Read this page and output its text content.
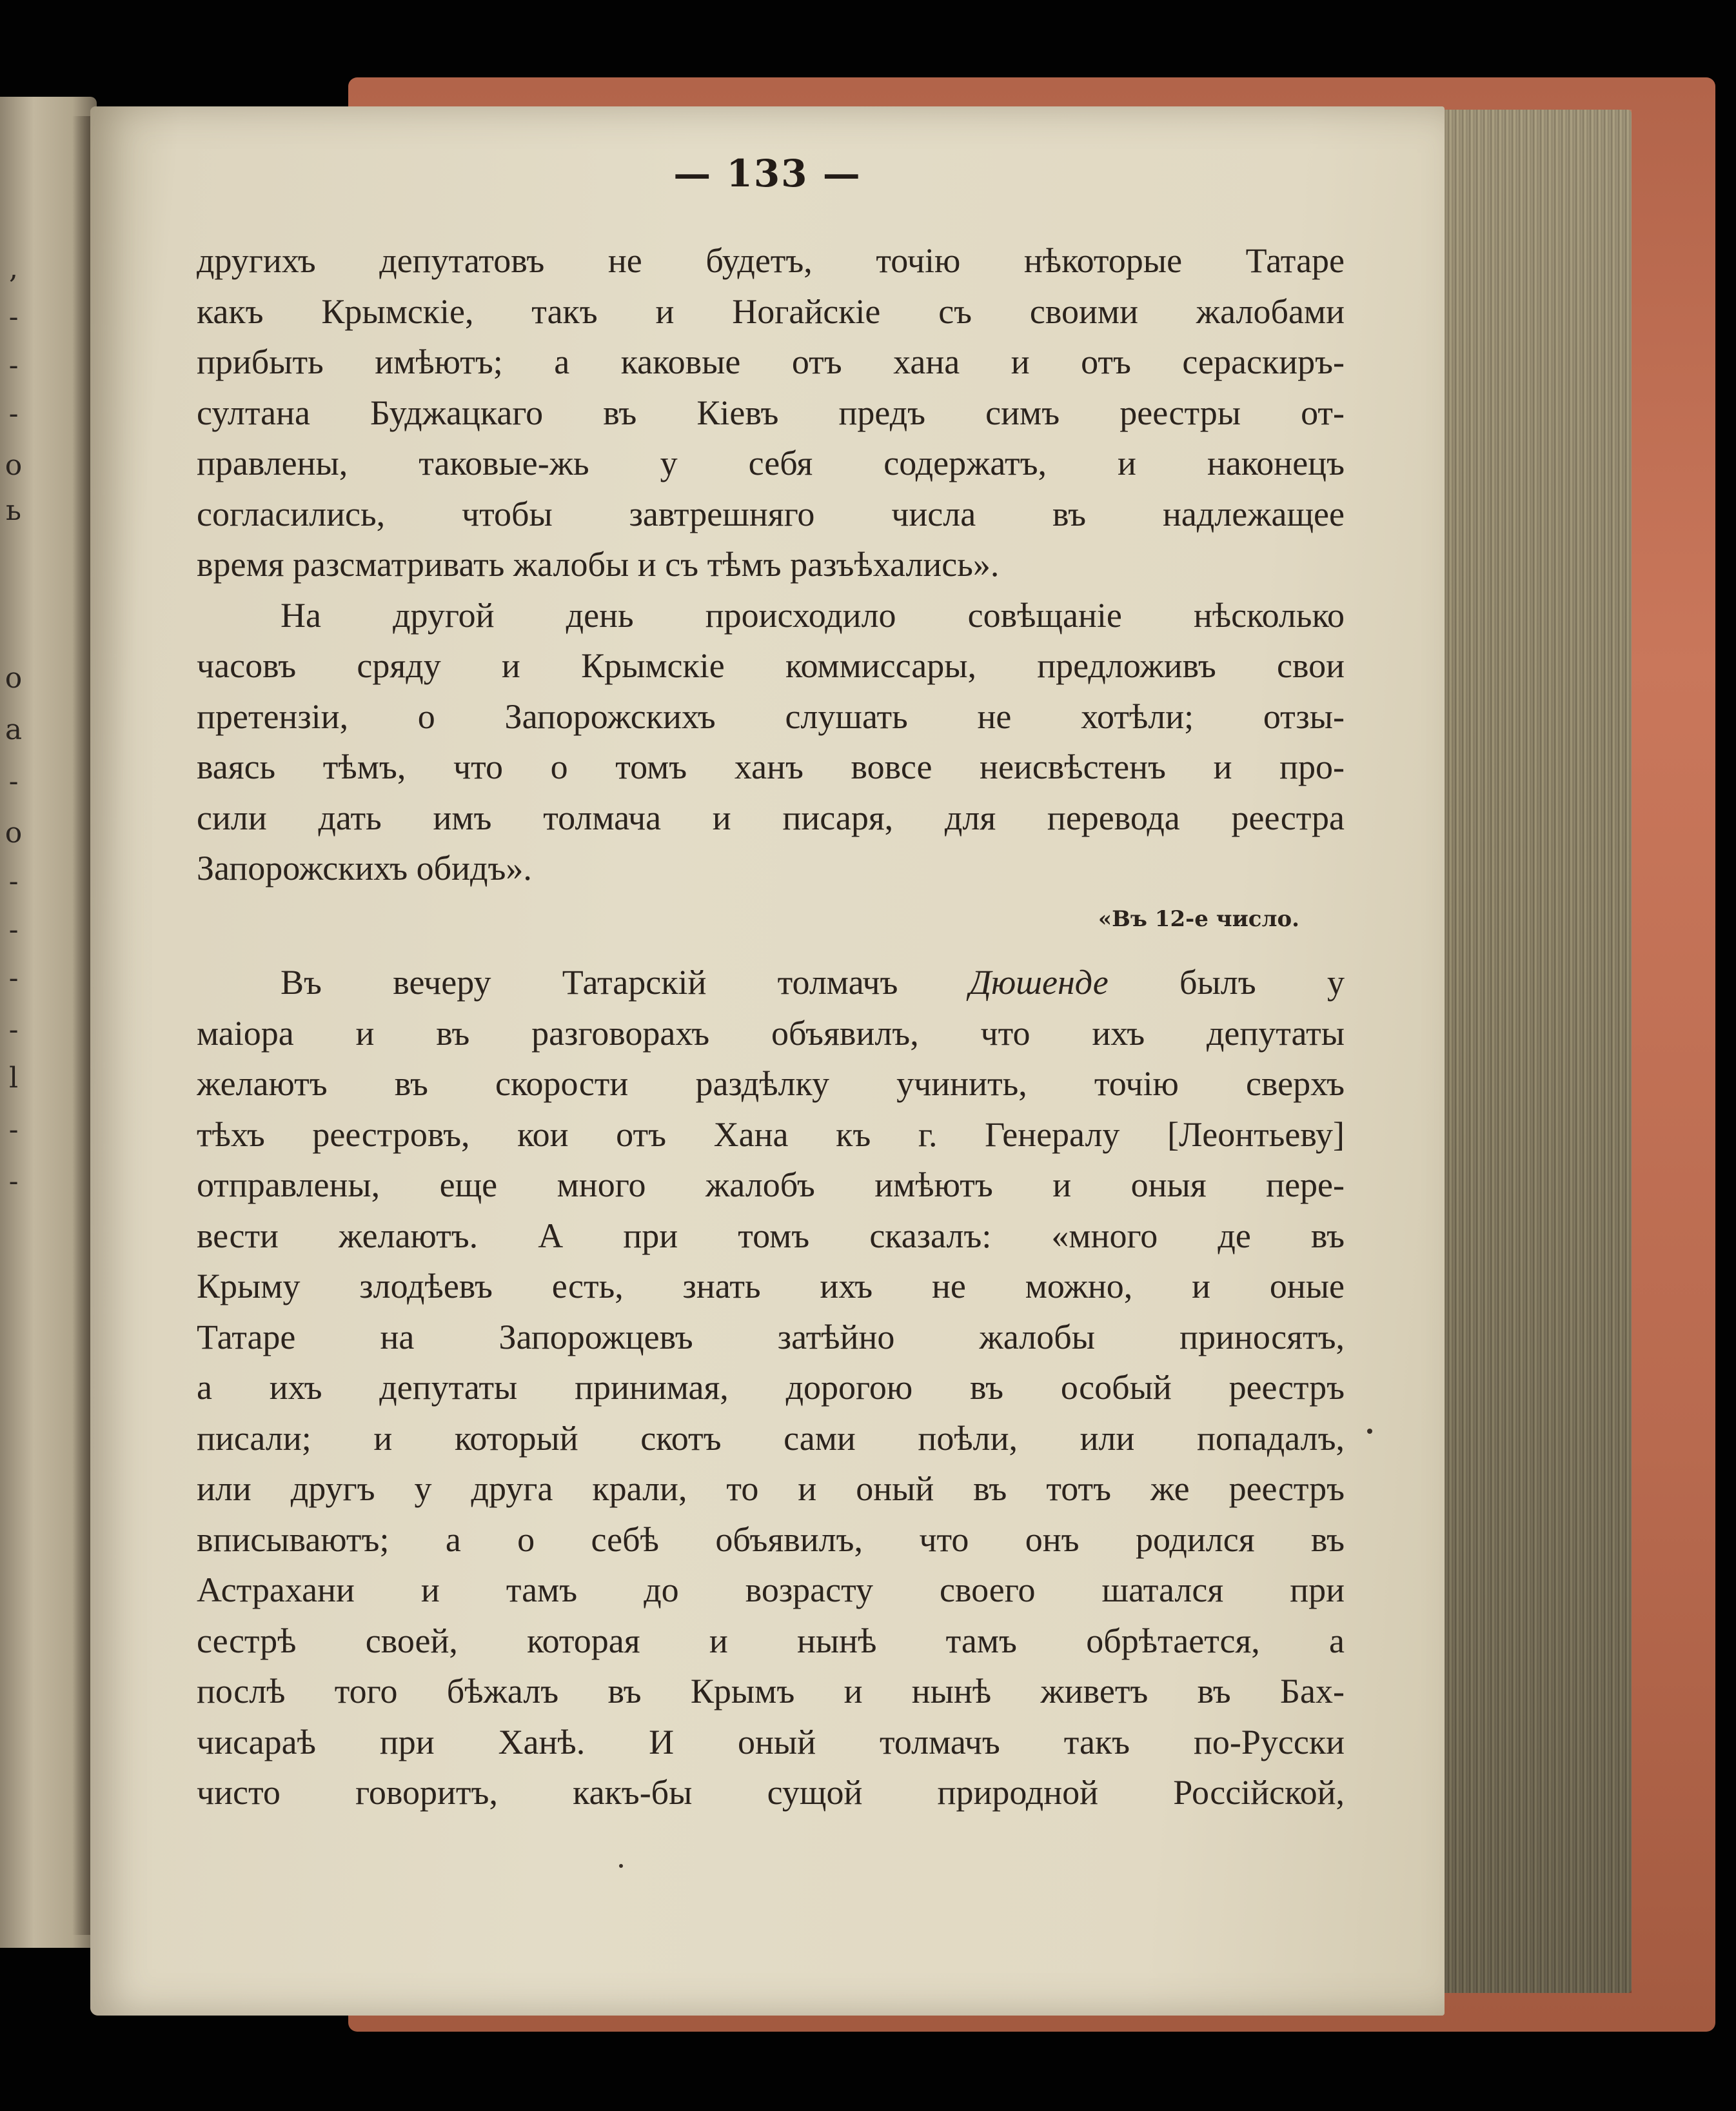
,
-
-
-
o
ь
o
a
-
o
-
-
-
-
l
-
-
— 133 —
другихъ депутатовъ не будетъ, точію нѣкоторые Татаре
какъ Крымскіе, такъ и Ногайскіе съ своими жалобами
прибыть имѣютъ; а каковые отъ хана и отъ сераскиръ-
султана Буджацкаго въ Кіевъ предъ симъ реестры от-
правлены, таковые-жь у себя содержатъ, и наконецъ
согласились, чтобы завтрешняго числа въ надлежащее
время разсматривать жалобы и съ тѣмъ разъѣхались».
На другой день происходило совѣщаніе нѣсколько
часовъ сряду и Крымскіе коммиссары, предложивъ свои
претензіи, о Запорожскихъ слушать не хотѣли; отзы-
ваясь тѣмъ, что о томъ ханъ вовсе неисвѣстенъ и про-
сили дать имъ толмача и писаря, для перевода реестра
Запорожскихъ обидъ».
«Въ 12-е число.
Въ вечеру Татарскій толмачъ Дюшенде былъ у
маіора и въ разговорахъ объявилъ, что ихъ депутаты
желаютъ въ скорости раздѣлку учинить, точію сверхъ
тѣхъ реестровъ, кои отъ Хана къ г. Генералу [Леонтьеву]
отправлены, еще много жалобъ имѣютъ и оныя пере-
вести желаютъ. А при томъ сказалъ: «много де въ
Крыму злодѣевъ есть, знать ихъ не можно, и оные
Татаре на Запорожцевъ затѣйно жалобы приносятъ,
а ихъ депутаты принимая, дорогою въ особый реестръ
писали; и который скотъ сами поѣли, или попадалъ,
или другъ у друга крали, то и оный въ тотъ же реестръ
вписываютъ; а о себѣ объявилъ, что онъ родился въ
Астрахани и тамъ до возрасту своего шатался при
сестрѣ своей, которая и нынѣ тамъ обрѣтается, а
послѣ того бѣжалъ въ Крымъ и нынѣ живетъ въ Бах-
чисараѣ при Ханѣ. И оный толмачъ такъ по-Русски
чисто говоритъ, какъ-бы сущой природной Россійской,
